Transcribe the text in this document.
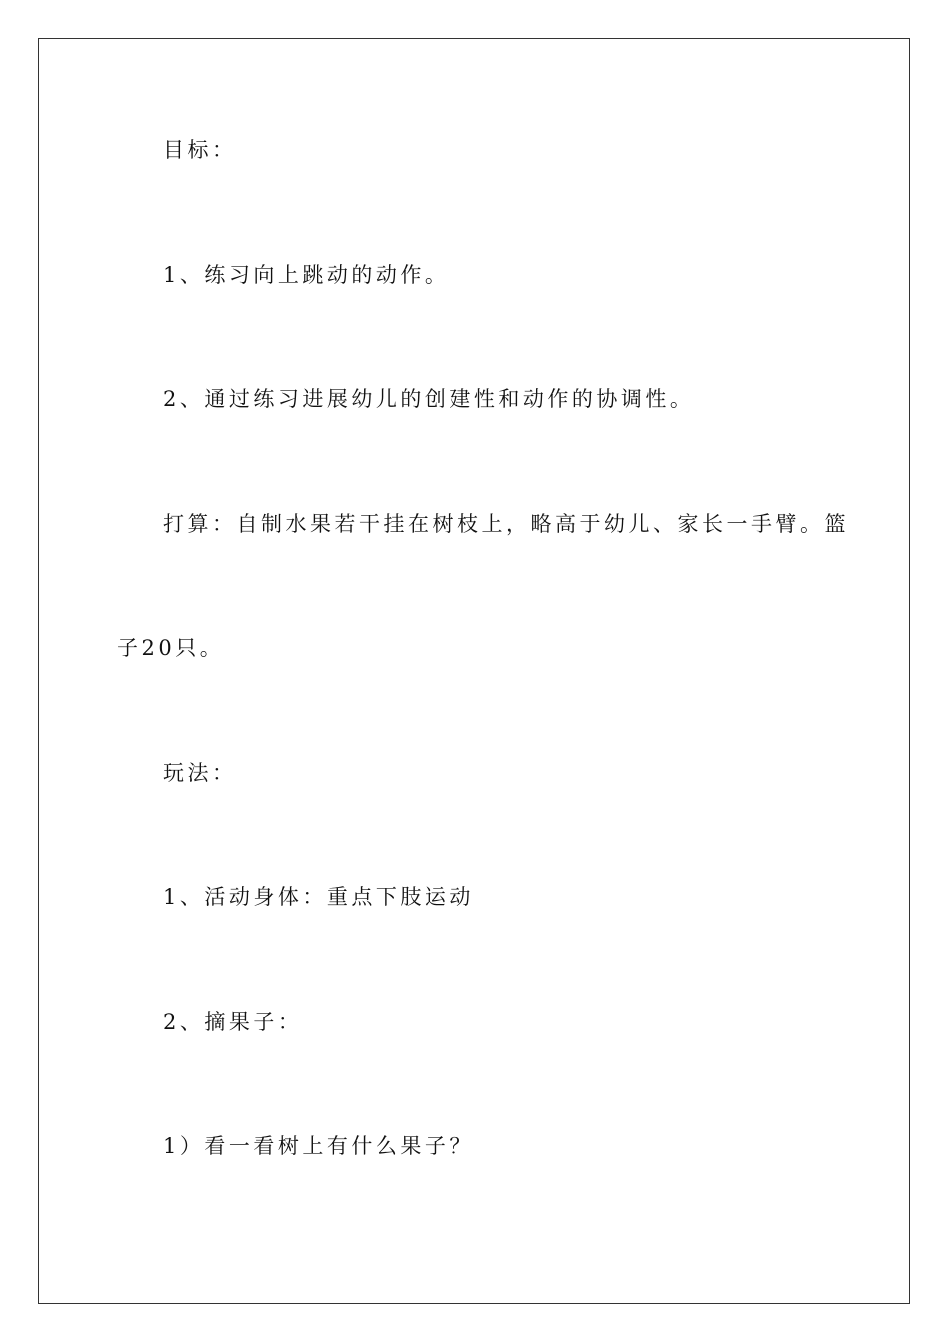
目标：

1、练习向上跳动的动作。

2、通过练习进展幼儿的创建性和动作的协调性。

打算：自制水果若干挂在树枝上，略高于幼儿、家长一手臂。篮

子20只。

玩法：

1、活动身体：重点下肢运动

2、摘果子：

1）看一看树上有什么果子？
